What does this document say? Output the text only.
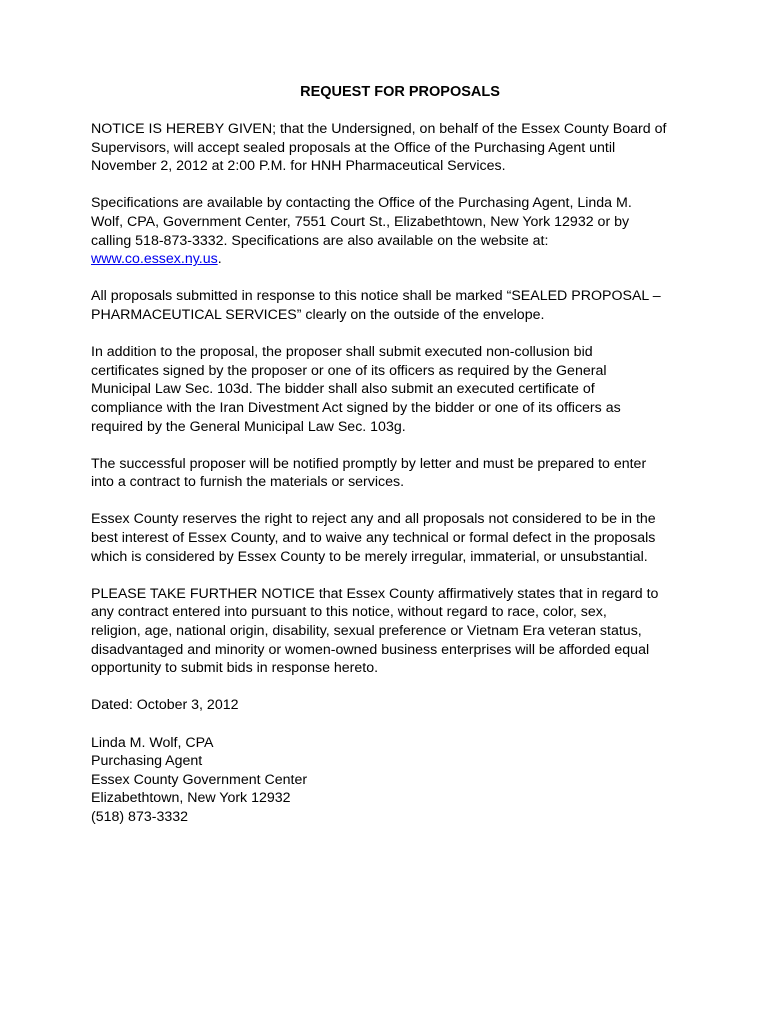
REQUEST FOR PROPOSALS
NOTICE IS HEREBY GIVEN; that the Undersigned, on behalf of the Essex County Board of
Supervisors, will accept sealed proposals at the Office of the Purchasing Agent until
November 2, 2012 at 2:00 P.M. for HNH Pharmaceutical Services.
Specifications are available by contacting the Office of the Purchasing Agent, Linda M.
Wolf, CPA, Government Center, 7551 Court St., Elizabethtown, New York 12932 or by
calling 518-873-3332. Specifications are also available on the website at:
www.co.essex.ny.us.
All proposals submitted in response to this notice shall be marked “SEALED PROPOSAL –
PHARMACEUTICAL SERVICES” clearly on the outside of the envelope.
In addition to the proposal, the proposer shall submit executed non-collusion bid
certificates signed by the proposer or one of its officers as required by the General
Municipal Law Sec. 103d. The bidder shall also submit an executed certificate of
compliance with the Iran Divestment Act signed by the bidder or one of its officers as
required by the General Municipal Law Sec. 103g.
The successful proposer will be notified promptly by letter and must be prepared to enter
into a contract to furnish the materials or services.
Essex County reserves the right to reject any and all proposals not considered to be in the
best interest of Essex County, and to waive any technical or formal defect in the proposals
which is considered by Essex County to be merely irregular, immaterial, or unsubstantial.
PLEASE TAKE FURTHER NOTICE that Essex County affirmatively states that in regard to
any contract entered into pursuant to this notice, without regard to race, color, sex,
religion, age, national origin, disability, sexual preference or Vietnam Era veteran status,
disadvantaged and minority or women-owned business enterprises will be afforded equal
opportunity to submit bids in response hereto.
Dated: October 3, 2012
Linda M. Wolf, CPA
Purchasing Agent
Essex County Government Center
Elizabethtown, New York 12932
(518) 873-3332
